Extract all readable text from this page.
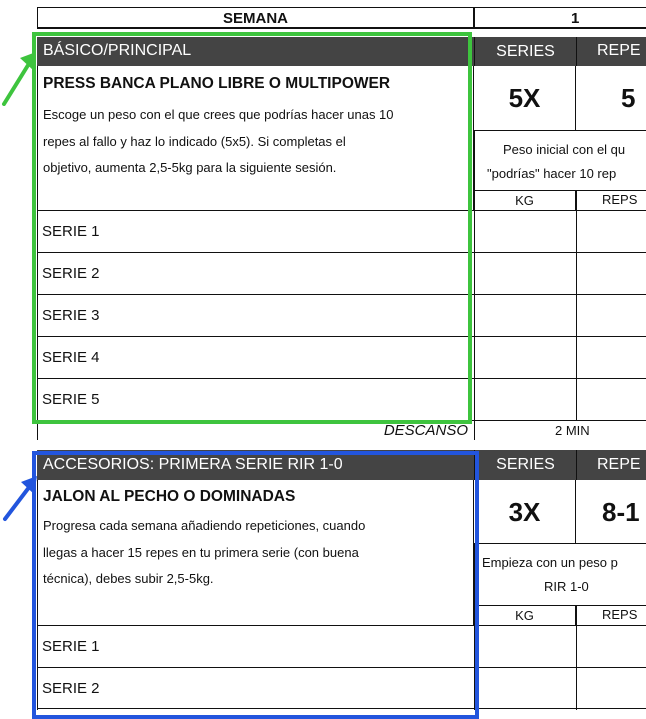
SEMANA	1
BÁSICO/PRINCIPAL	SERIES	REPE
PRESS BANCA PLANO LIBRE O MULTIPOWER
Escoge un peso con el que crees que podrías hacer unas 10
repes al fallo y haz lo indicado (5x5). Si completas el
objetivo, aumenta 2,5-5kg para la siguiente sesión.
5X	5
Peso inicial con el qu
"podrías" hacer 10 rep
KG	REPS
SERIE 1
SERIE 2
SERIE 3
SERIE 4
SERIE 5
DESCANSO	2 MIN
ACCESORIOS: PRIMERA SERIE RIR 1-0	SERIES	REPE
JALON AL PECHO O DOMINADAS
Progresa cada semana añadiendo repeticiones, cuando
llegas a hacer 15 repes en tu primera serie (con buena
técnica), debes subir 2,5-5kg.
3X	8-1
Empieza con un peso p
RIR 1-0
KG	REPS
SERIE 1
SERIE 2
